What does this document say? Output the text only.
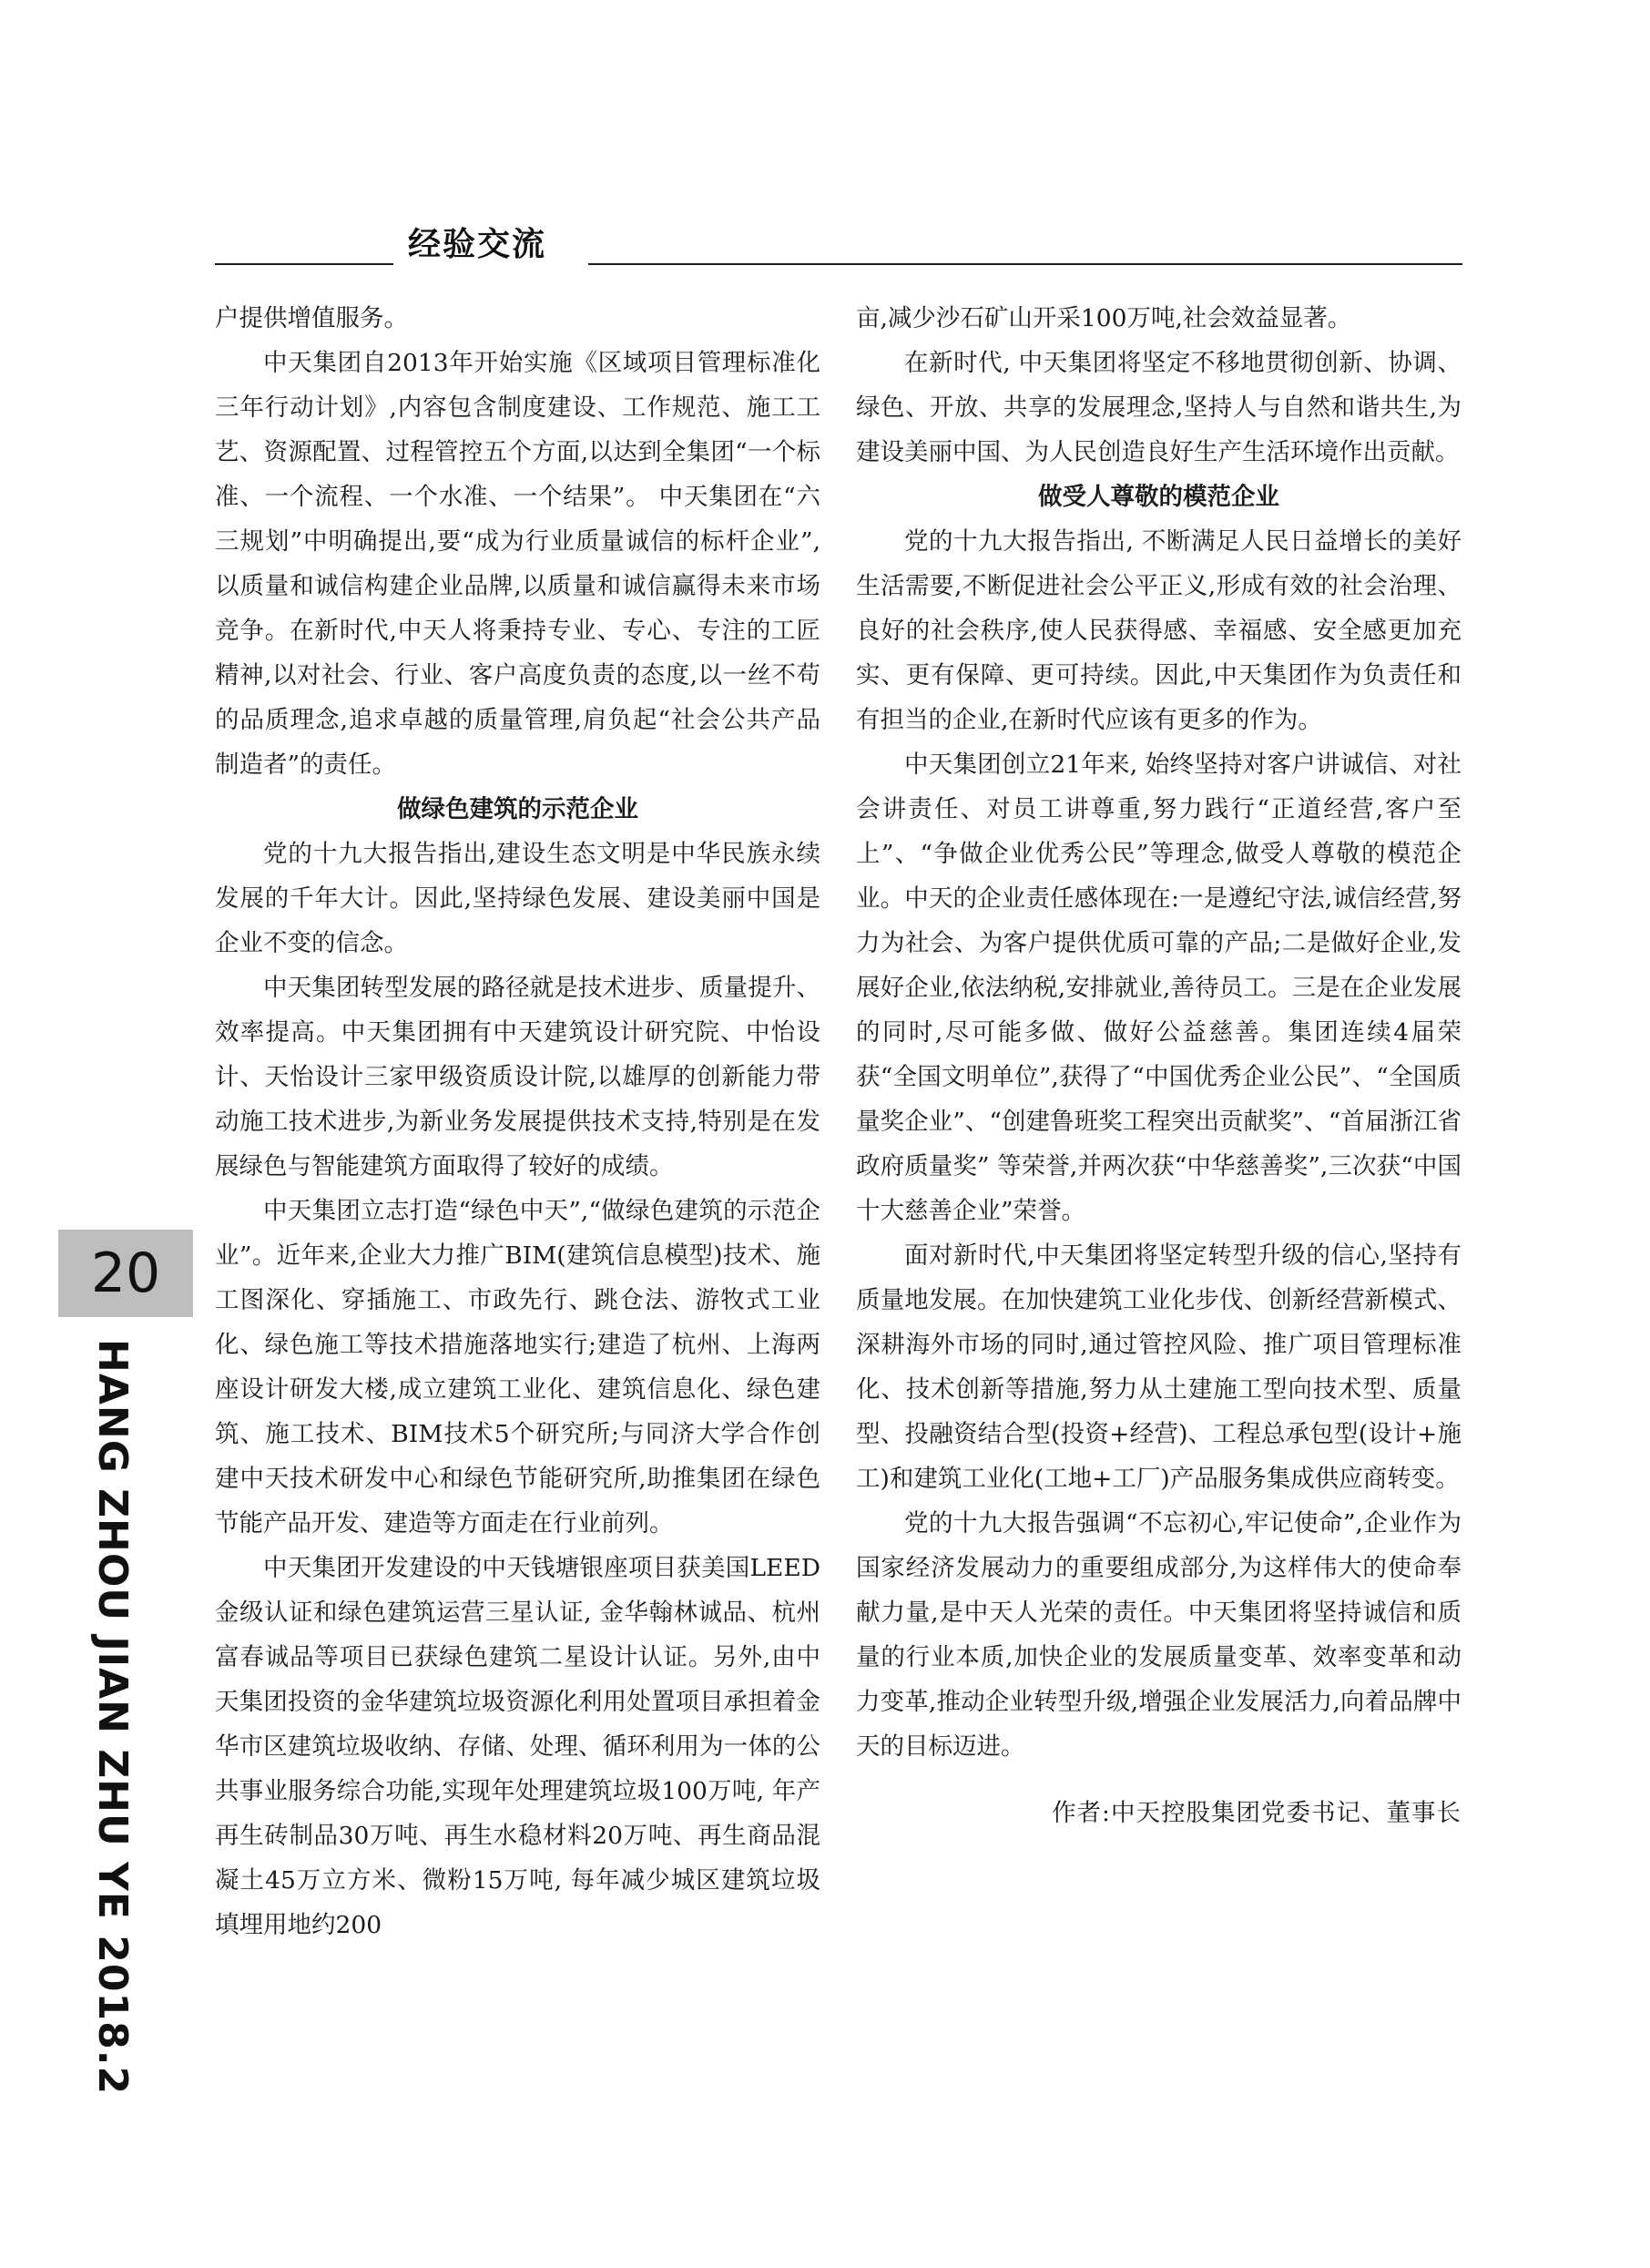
经验交流

户提供增值服务。

中天集团自2013年开始实施《区域项目管理标准化三年行动计划》,内容包含制度建设、工作规范、施工工艺、资源配置、过程管控五个方面,以达到全集团“一个标准、一个流程、一个水准、一个结果”。 中天集团在“六三规划”中明确提出,要“成为行业质量诚信的标杆企业”,以质量和诚信构建企业品牌,以质量和诚信赢得未来市场竞争。在新时代,中天人将秉持专业、专心、专注的工匠精神,以对社会、行业、客户高度负责的态度,以一丝不苟的品质理念,追求卓越的质量管理,肩负起“社会公共产品制造者”的责任。

做绿色建筑的示范企业

党的十九大报告指出,建设生态文明是中华民族永续发展的千年大计。因此,坚持绿色发展、建设美丽中国是企业不变的信念。

中天集团转型发展的路径就是技术进步、质量提升、效率提高。中天集团拥有中天建筑设计研究院、中怡设计、天怡设计三家甲级资质设计院,以雄厚的创新能力带动施工技术进步,为新业务发展提供技术支持,特别是在发展绿色与智能建筑方面取得了较好的成绩。

中天集团立志打造“绿色中天”,“做绿色建筑的示范企业”。近年来,企业大力推广BIM(建筑信息模型)技术、施工图深化、穿插施工、市政先行、跳仓法、游牧式工业化、绿色施工等技术措施落地实行;建造了杭州、上海两座设计研发大楼,成立建筑工业化、建筑信息化、绿色建筑、施工技术、BIM技术5个研究所;与同济大学合作创建中天技术研发中心和绿色节能研究所,助推集团在绿色节能产品开发、建造等方面走在行业前列。

中天集团开发建设的中天钱塘银座项目获美国LEED金级认证和绿色建筑运营三星认证, 金华翰林诚品、杭州富春诚品等项目已获绿色建筑二星设计认证。另外,由中天集团投资的金华建筑垃圾资源化利用处置项目承担着金华市区建筑垃圾收纳、存储、处理、循环利用为一体的公共事业服务综合功能,实现年处理建筑垃圾100万吨, 年产再生砖制品30万吨、再生水稳材料20万吨、再生商品混凝土45万立方米、微粉15万吨, 每年减少城区建筑垃圾填埋用地约200

亩,减少沙石矿山开采100万吨,社会效益显著。

在新时代, 中天集团将坚定不移地贯彻创新、协调、绿色、开放、共享的发展理念,坚持人与自然和谐共生,为建设美丽中国、为人民创造良好生产生活环境作出贡献。

做受人尊敬的模范企业

党的十九大报告指出, 不断满足人民日益增长的美好生活需要,不断促进社会公平正义,形成有效的社会治理、良好的社会秩序,使人民获得感、幸福感、安全感更加充实、更有保障、更可持续。因此,中天集团作为负责任和有担当的企业,在新时代应该有更多的作为。

中天集团创立21年来, 始终坚持对客户讲诚信、对社会讲责任、对员工讲尊重,努力践行“正道经营,客户至上”、“争做企业优秀公民”等理念,做受人尊敬的模范企业。中天的企业责任感体现在:一是遵纪守法,诚信经营,努力为社会、为客户提供优质可靠的产品;二是做好企业,发展好企业,依法纳税,安排就业,善待员工。三是在企业发展的同时,尽可能多做、做好公益慈善。集团连续4届荣获“全国文明单位”,获得了“中国优秀企业公民”、“全国质量奖企业”、“创建鲁班奖工程突出贡献奖”、“首届浙江省政府质量奖” 等荣誉,并两次获“中华慈善奖”,三次获“中国十大慈善企业”荣誉。

面对新时代,中天集团将坚定转型升级的信心,坚持有质量地发展。在加快建筑工业化步伐、创新经营新模式、深耕海外市场的同时,通过管控风险、推广项目管理标准化、技术创新等措施,努力从土建施工型向技术型、质量型、投融资结合型(投资+经营)、工程总承包型(设计+施工)和建筑工业化(工地+工厂)产品服务集成供应商转变。

党的十九大报告强调“不忘初心,牢记使命”,企业作为国家经济发展动力的重要组成部分,为这样伟大的使命奉献力量,是中天人光荣的责任。中天集团将坚持诚信和质量的行业本质,加快企业的发展质量变革、效率变革和动力变革,推动企业转型升级,增强企业发展活力,向着品牌中天的目标迈进。

作者:中天控股集团党委书记、董事长

20
HANG ZHOU JIAN ZHU YE 2018.2
